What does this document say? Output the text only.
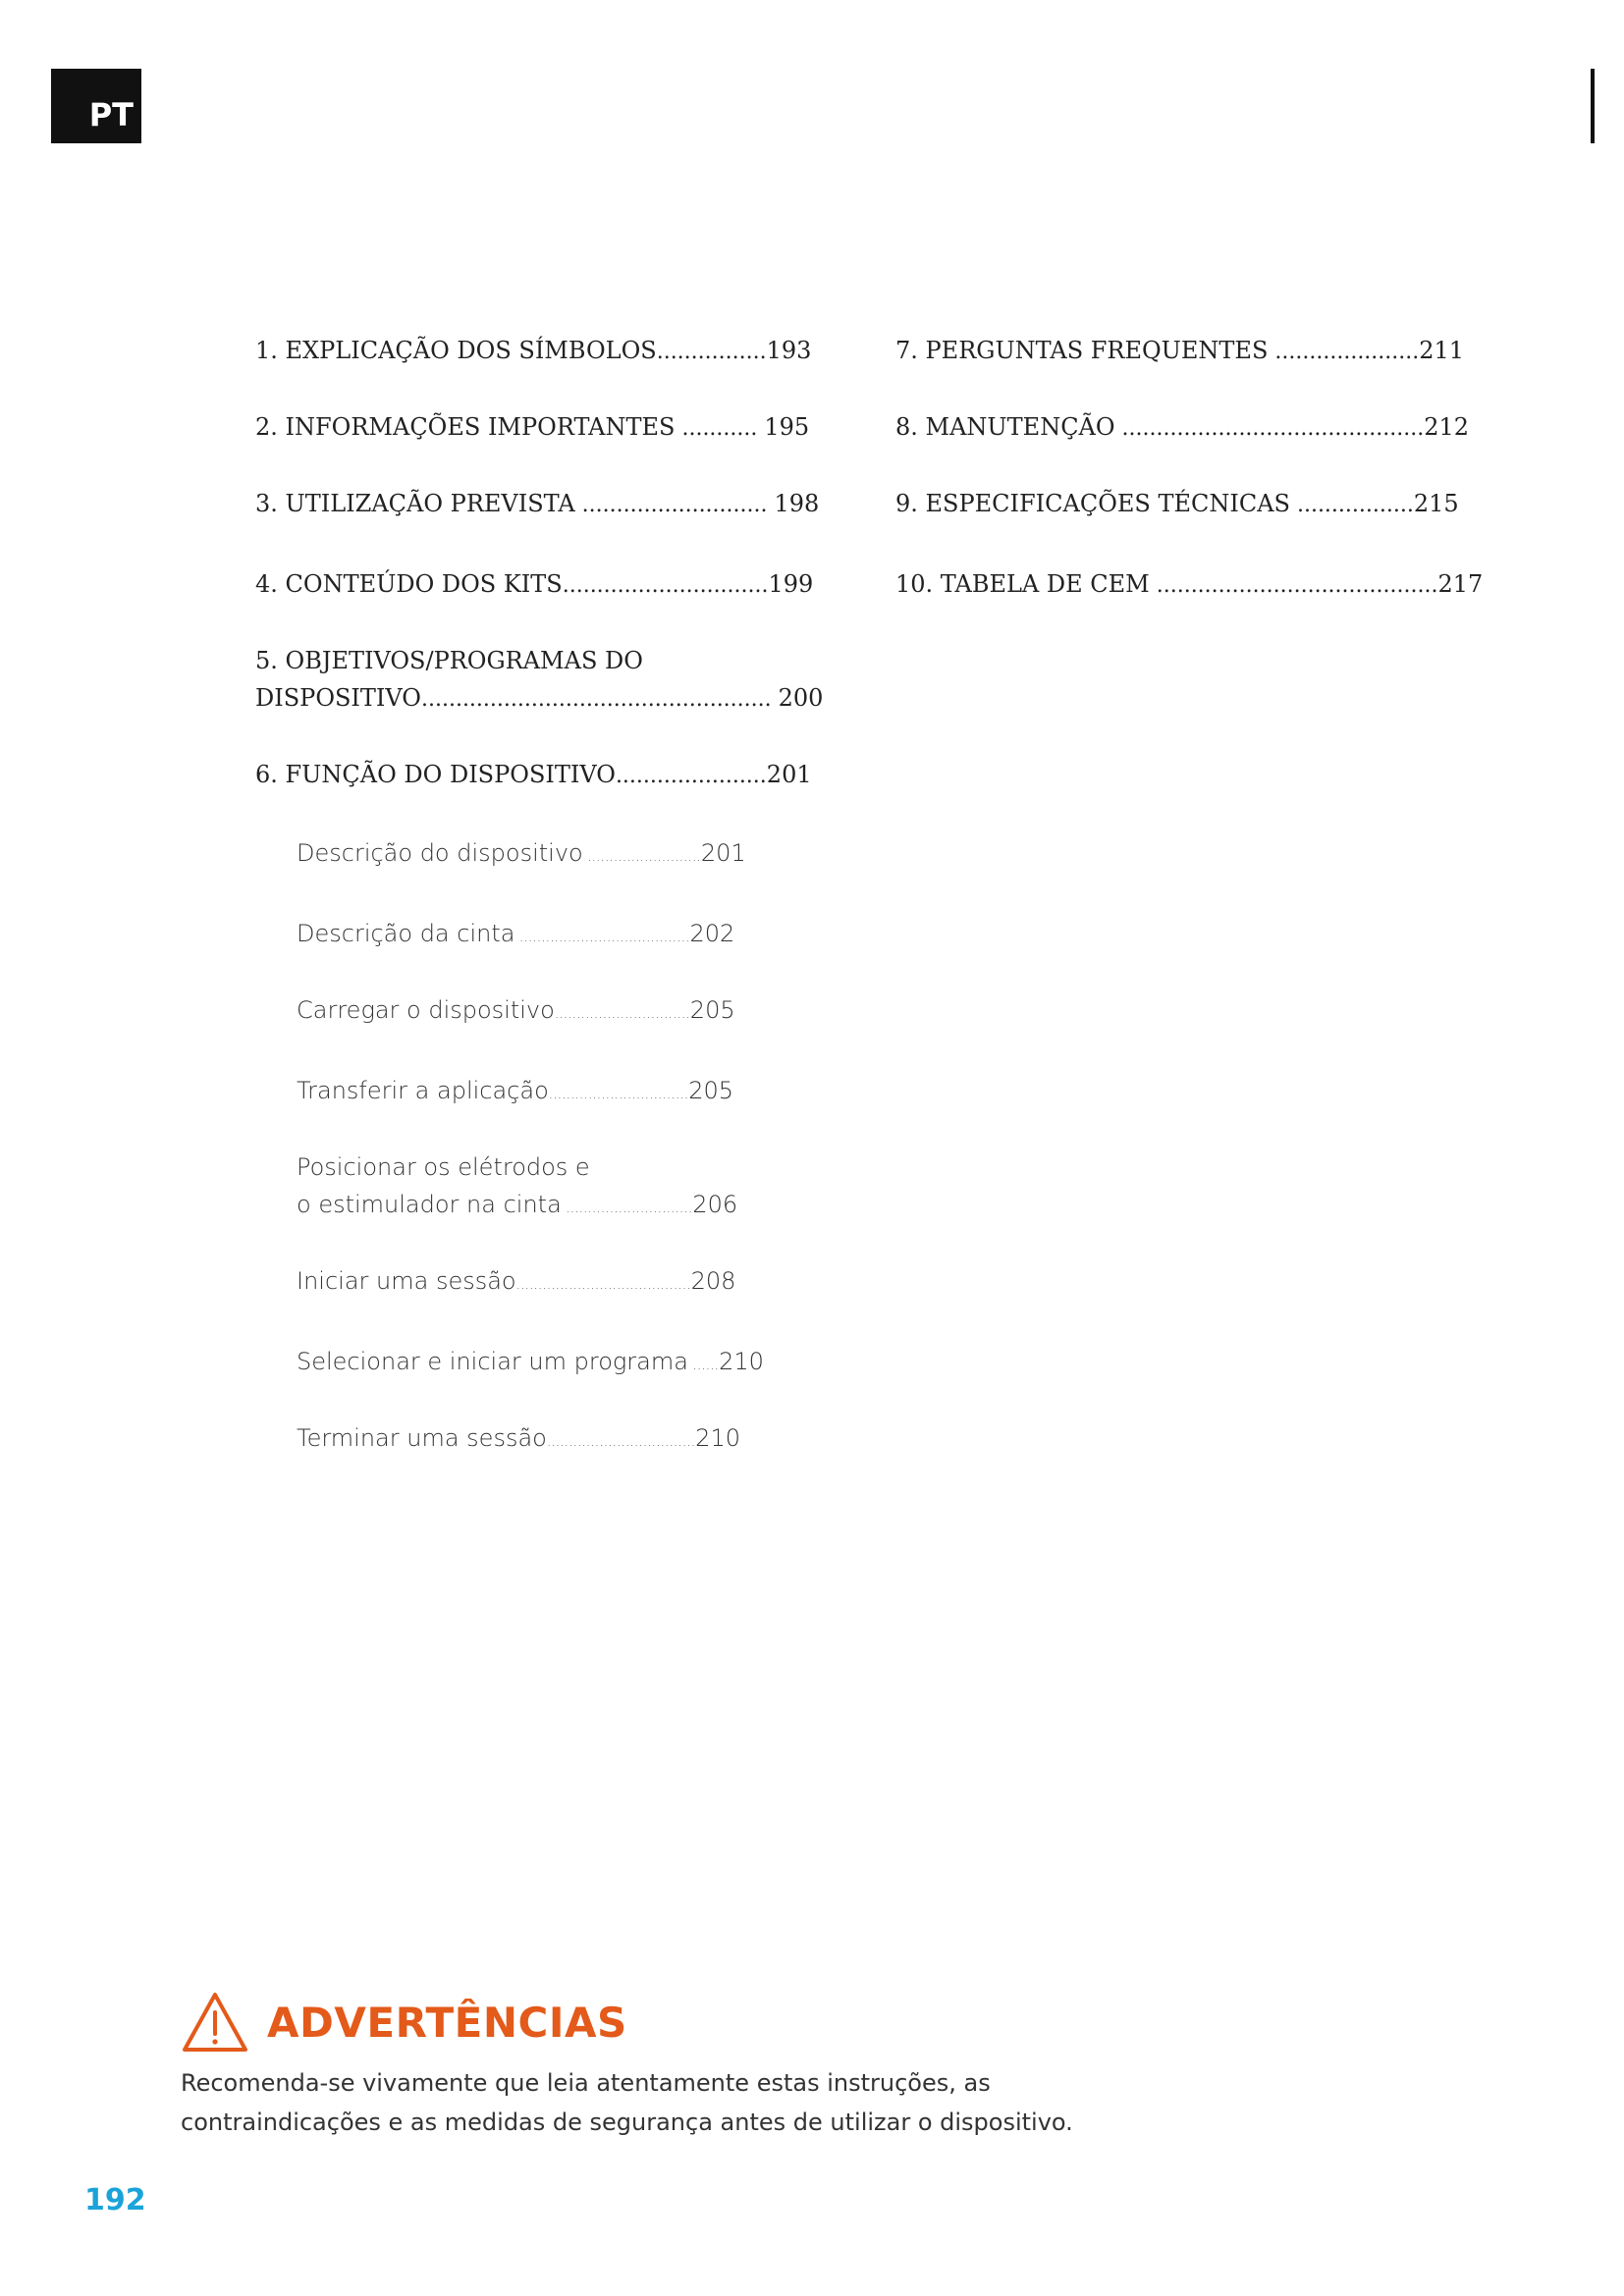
PT
1. EXPLICAÇÃO DOS SÍMBOLOS................193
2. INFORMAÇÕES IMPORTANTES ........... 195
3. UTILIZAÇÃO PREVISTA ........................... 198
4. CONTEÚDO DOS KITS..............................199
5. OBJETIVOS/PROGRAMAS DO
DISPOSITIVO................................................... 200
6. FUNÇÃO DO DISPOSITIVO......................201
Descrição do dispositivo ..........................201
Descrição da cinta .......................................202
Carregar o dispositivo...............................205
Transferir a aplicação................................205
Posicionar os elétrodos e
o estimulador na cinta .............................206
Iniciar uma sessão........................................208
Selecionar e iniciar um programa ......210
Terminar uma sessão..................................210
7. PERGUNTAS FREQUENTES .....................211
8. MANUTENÇÃO ............................................212
9. ESPECIFICAÇÕES TÉCNICAS .................215
10. TABELA DE CEM .........................................217
ADVERTÊNCIAS
Recomenda-se vivamente que leia atentamente estas instruções, as
contraindicações e as medidas de segurança antes de utilizar o dispositivo.
192
